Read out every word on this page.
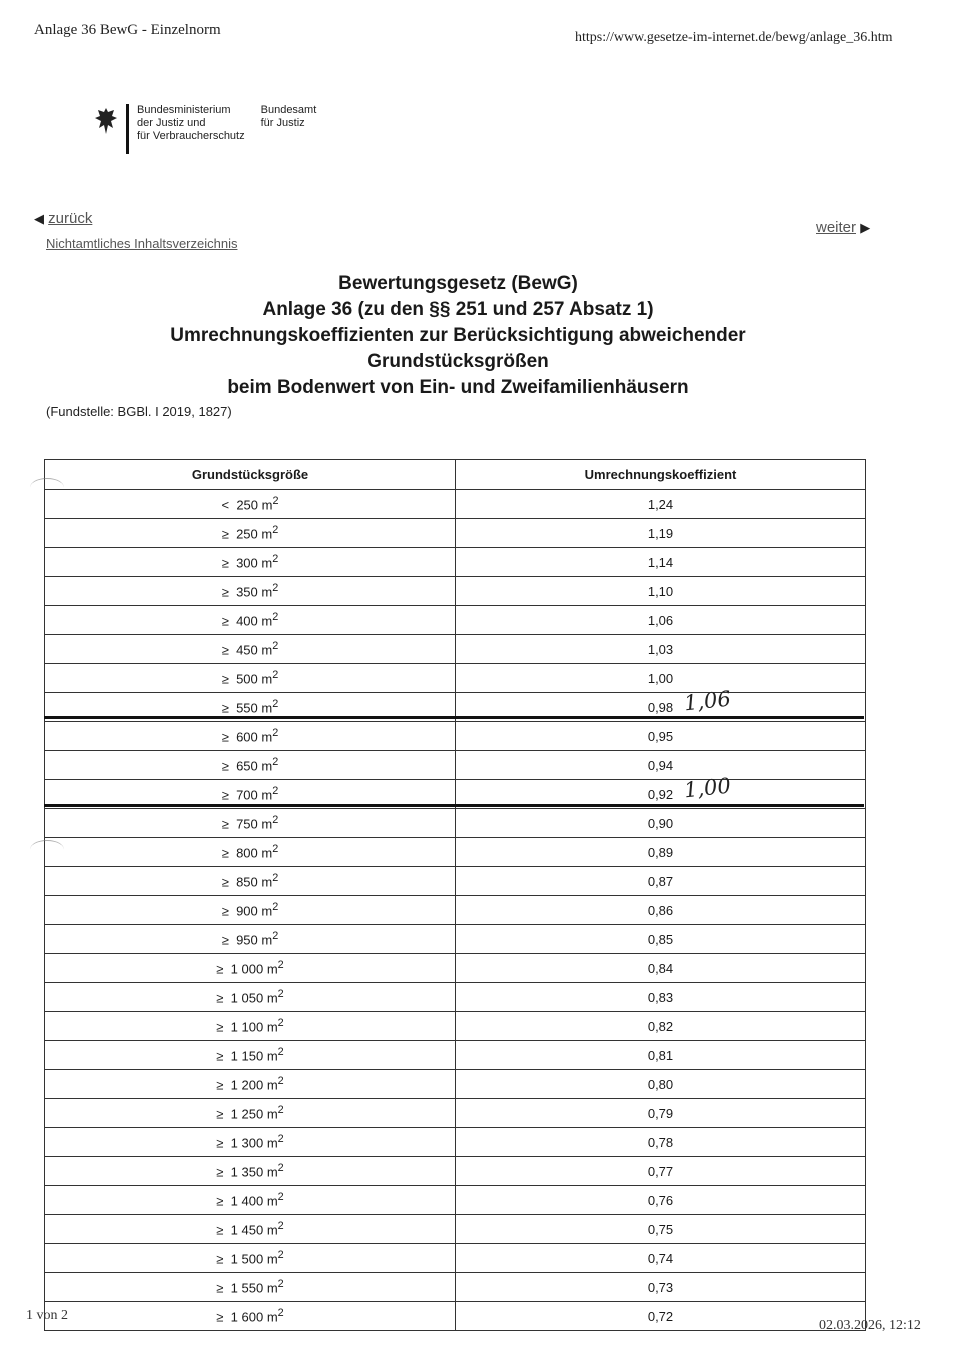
Anlage 36 BewG - Einzelnorm	https://www.gesetze-im-internet.de/bewg/anlage_36.htm
Bundesministerium
der Justiz und
für Verbraucherschutz
Bundesamt
für Justiz
◀ zurück
Nichtamtliches Inhaltsverzeichnis
weiter ▶
Bewertungsgesetz (BewG)
Anlage 36 (zu den §§ 251 und 257 Absatz 1)
Umrechnungskoeffizienten zur Berücksichtigung abweichender
Grundstücksgrößen
beim Bodenwert von Ein- und Zweifamilienhäusern
(Fundstelle: BGBl. I 2019, 1827)
Grundstücksgröße	Umrechnungskoeffizient
< 250 $m^2$	1,24
≥ 250 $m^2$	1,19
≥ 300 $m^2$	1,14
≥ 350 $m^2$	1,10
≥ 400 $m^2$	1,06
≥ 450 $m^2$	1,03
≥ 500 $m^2$	1,00
≥ 550 $m^2$	0,98 1,06

≥ 600 $m^2$	0,95
≥ 650 $m^2$	0,94
≥ 700 $m^2$	0,92 1,00

≥ 750 $m^2$	0,90
≥ 800 $m^2$	0,89
≥ 850 $m^2$	0,87
≥ 900 $m^2$	0,86
≥ 950 $m^2$	0,85
≥ 1 000 $m^2$	0,84
≥ 1 050 $m^2$	0,83
≥ 1 100 $m^2$	0,82
≥ 1 150 $m^2$	0,81
≥ 1 200 $m^2$	0,80
≥ 1 250 $m^2$	0,79
≥ 1 300 $m^2$	0,78
≥ 1 350 $m^2$	0,77
≥ 1 400 $m^2$	0,76
≥ 1 450 $m^2$	0,75
≥ 1 500 $m^2$	0,74
≥ 1 550 $m^2$	0,73
≥ 1 600 $m^2$	0,72
1 von 2
02.03.2026, 12:12
